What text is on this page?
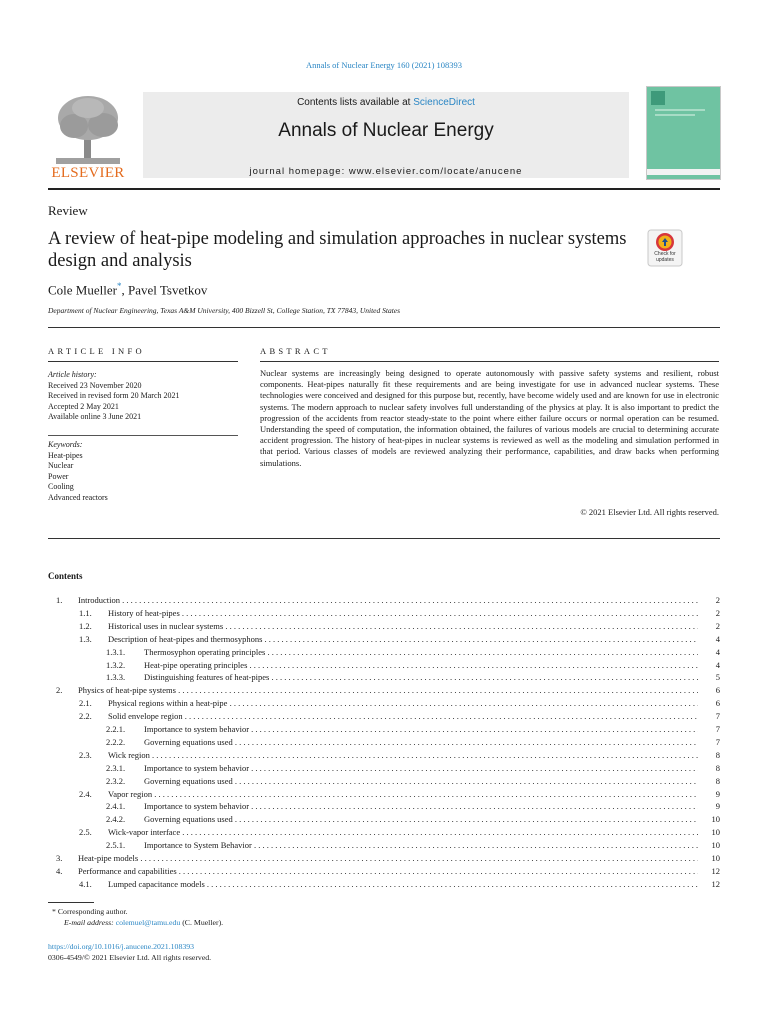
Annals of Nuclear Energy 160 (2021) 108393
ELSEVIER
Contents lists available at ScienceDirect
Annals of Nuclear Energy
journal homepage: www.elsevier.com/locate/anucene
Review
A review of heat-pipe modeling and simulation approaches in nuclear systems design and analysis	Check for updates
Cole Mueller*, Pavel Tsvetkov
Department of Nuclear Engineering, Texas A&M University, 400 Bizzell St, College Station, TX 77843, United States
ARTICLE INFO
Article history:
Received 23 November 2020
Received in revised form 20 March 2021
Accepted 2 May 2021
Available online 3 June 2021
Keywords:
Heat-pipes
Nuclear
Power
Cooling
Advanced reactors
ABSTRACT
Nuclear systems are increasingly being designed to operate autonomously with passive safety systems and resilient, robust components. Heat-pipes naturally fit these requirements and are being investigate for use in advanced nuclear systems. These technologies were conceived and designed for this purpose but, recently, have become widely used and are known for use in electronic systems. The modern approach to nuclear safety involves full understanding of the physics at play. It is also important to predict the progression of the accidents from reactor steady-state to the point where either failure occurs or normal operation can be resumed. Understanding the speed of computation, the information obtained, the failures of various models are crucial to determining accurate accident progression. The history of heat-pipes in nuclear systems is reviewed as well as the modeling and simulation performed in that period. Various classes of models are reviewed analyzing their performance, capabilities, and draw backs when performing simulations.
© 2021 Elsevier Ltd. All rights reserved.
Contents
1. Introduction . . .	2
1.1. History of heat-pipes . . .	2
1.2. Historical uses in nuclear systems . . .	2
1.3. Description of heat-pipes and thermosyphons . . .	4
1.3.1. Thermosyphon operating principles . . .	4
1.3.2. Heat-pipe operating principles . . .	4
1.3.3. Distinguishing features of heat-pipes . . .	5
2. Physics of heat-pipe systems . . .	6
2.1. Physical regions within a heat-pipe . . .	6
2.2. Solid envelope region . . .	7
2.2.1. Importance to system behavior . . .	7
2.2.2. Governing equations used . . .	7
2.3. Wick region . . .	8
2.3.1. Importance to system behavior . . .	8
2.3.2. Governing equations used . . .	8
2.4. Vapor region . . .	9
2.4.1. Importance to system behavior . . .	9
2.4.2. Governing equations used . . .	10
2.5. Wick-vapor interface . . .	10
2.5.1. Importance to System Behavior . . .	10
3. Heat-pipe models . . .	10
4. Performance and capabilities . . .	12
4.1. Lumped capacitance models . . .	12
* Corresponding author.
E-mail address: colemuel@tamu.edu (C. Mueller).
https://doi.org/10.1016/j.anucene.2021.108393
0306-4549/© 2021 Elsevier Ltd. All rights reserved.
